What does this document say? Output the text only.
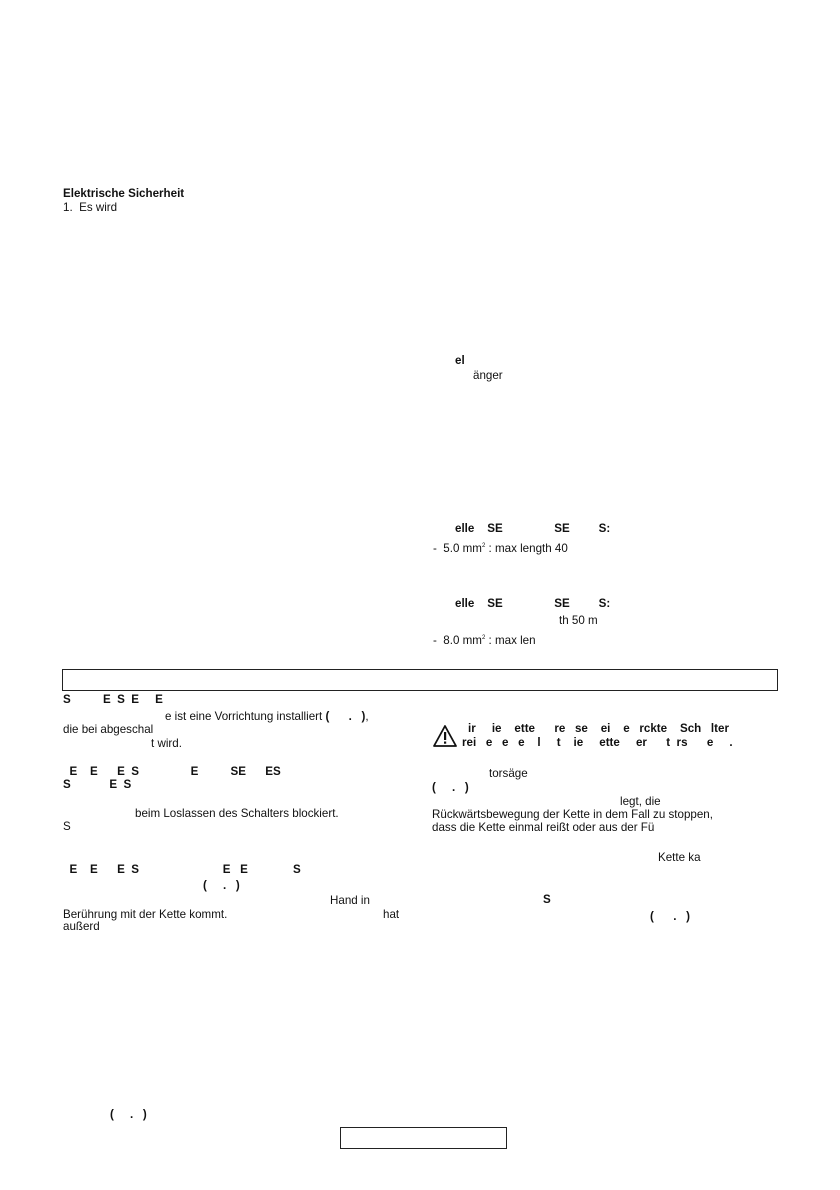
Elektrische Sicherheit
1.  Es wird
el
änger
elle    SE                SE         S:
-  5.0 $mm^2$ : max length 40
elle    SE                SE         S:
th 50 m
-  8.0 $mm^2$ : max len
S          E  S  E     E
e ist eine Vorrichtung installiert (      .   ),
die bei abgeschal
t wird.
E    E      E  S                E          SE      ES
S            E  S
beim Loslassen des Schalters blockiert.
S
E    E      E  S                          E   E              S
(     .   )
Hand in
Berührung mit der Kette kommt.	hat
außerd
(     .   )
ir     ie    ette      re   se    ei    e   rckte    Sch   lter
rei   e   e   e    l     t    ie     ette     er      t  rs      e     .
torsäge
(     .   )
legt, die
Rückwärtsbewegung der Kette in dem Fall zu stoppen,
dass die Kette einmal reißt oder aus der Fü
Kette ka
S
(      .   )
